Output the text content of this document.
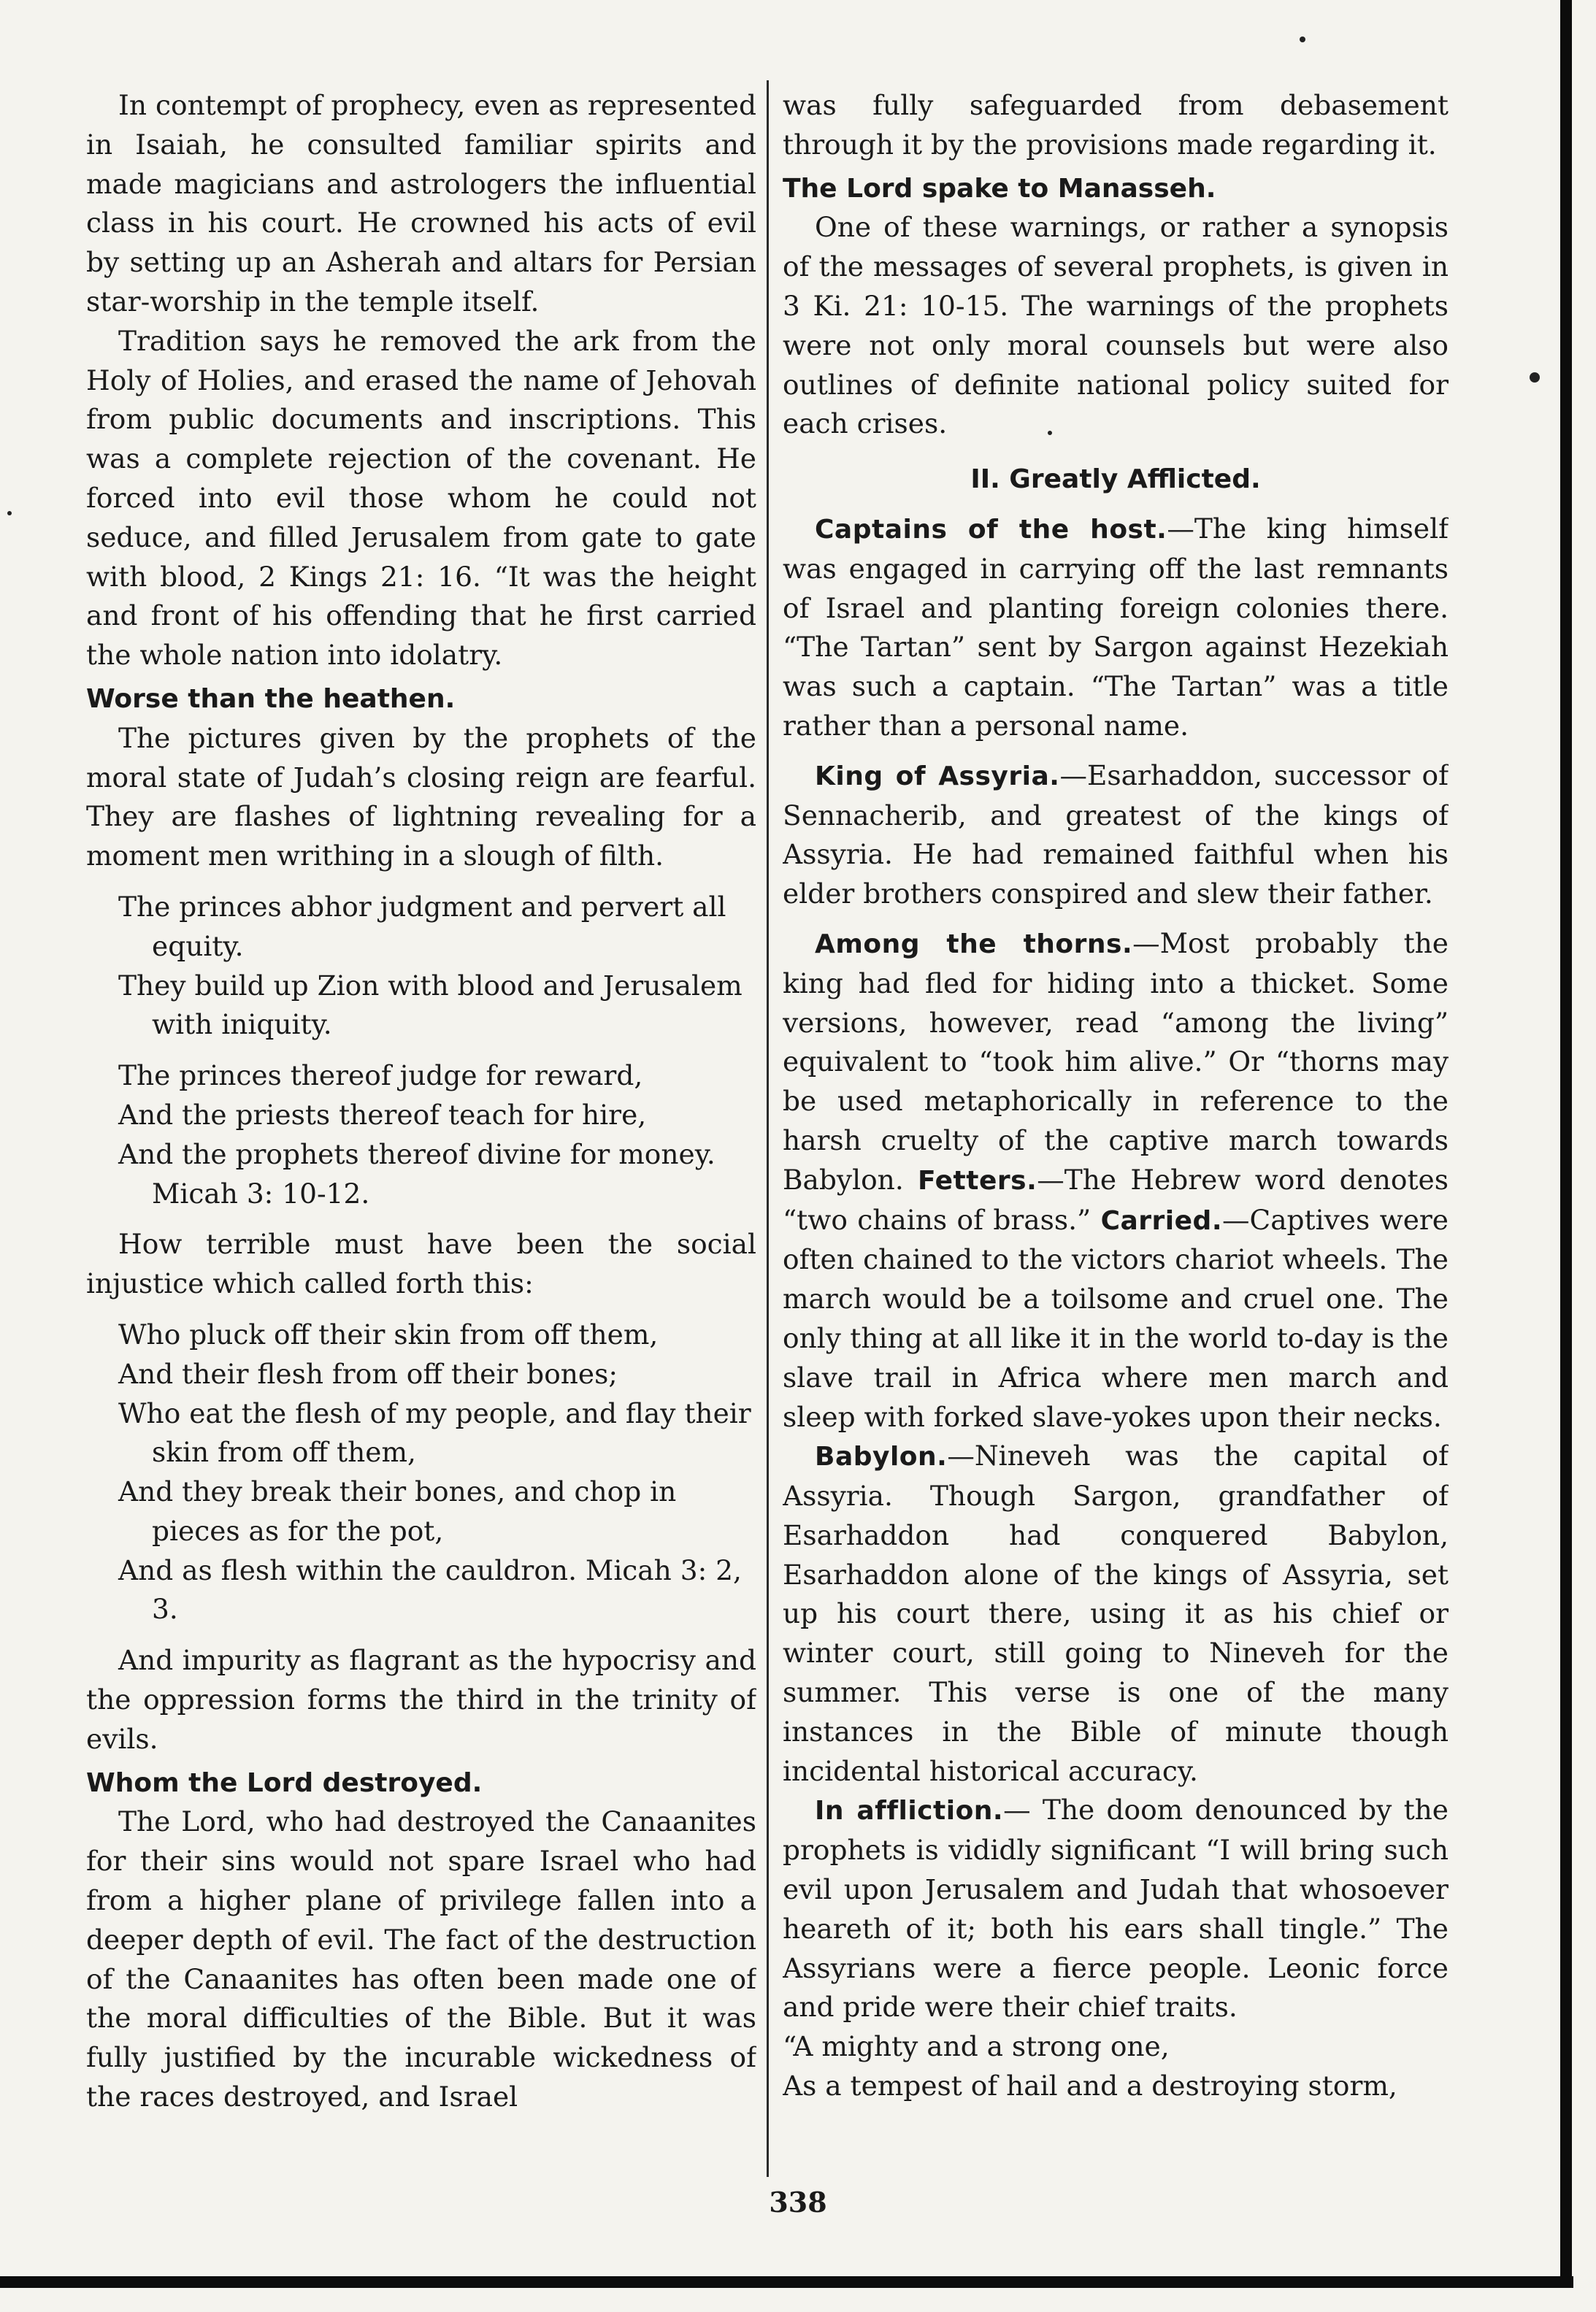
In contempt of prophecy, even as represented in Isaiah, he consulted familiar spirits and made magicians and astrologers the influential class in his court. He crowned his acts of evil by setting up an Asherah and altars for Persian star-worship in the temple itself.

Tradition says he removed the ark from the Holy of Holies, and erased the name of Jehovah from public documents and inscriptions. This was a complete rejection of the covenant. He forced into evil those whom he could not seduce, and filled Jerusalem from gate to gate with blood, 2 Kings 21: 16. “It was the height and front of his offending that he first carried the whole nation into idolatry.

Worse than the heathen.

The pictures given by the prophets of the moral state of Judah’s closing reign are fearful. They are flashes of lightning revealing for a moment men writhing in a slough of filth.

The princes abhor judgment and pervert all equity.
They build up Zion with blood and Jerusalem with iniquity.
The princes thereof judge for reward,
And the priests thereof teach for hire,
And the prophets thereof divine for money. Micah 3: 10-12.

How terrible must have been the social injustice which called forth this:

Who pluck off their skin from off them,
And their flesh from off their bones;
Who eat the flesh of my people, and flay their skin from off them,
And they break their bones, and chop in pieces as for the pot,
And as flesh within the cauldron. Micah 3: 2, 3.

And impurity as flagrant as the hypocrisy and the oppression forms the third in the trinity of evils.

Whom the Lord destroyed.

The Lord, who had destroyed the Canaanites for their sins would not spare Israel who had from a higher plane of privilege fallen into a deeper depth of evil. The fact of the destruction of the Canaanites has often been made one of the moral difficulties of the Bible. But it was fully justified by the incurable wickedness of the races destroyed, and Israel

was fully safeguarded from debasement through it by the provisions made regarding it.

The Lord spake to Manasseh.

One of these warnings, or rather a synopsis of the messages of several prophets, is given in 3 Ki. 21: 10-15. The warnings of the prophets were not only moral counsels but were also outlines of definite national policy suited for each crises.

II. Greatly Afflicted.

Captains of the host.—The king himself was engaged in carrying off the last remnants of Israel and planting foreign colonies there. “The Tartan” sent by Sargon against Hezekiah was such a captain. “The Tartan” was a title rather than a personal name.

King of Assyria.—Esarhaddon, successor of Sennacherib, and greatest of the kings of Assyria. He had remained faithful when his elder brothers conspired and slew their father.

Among the thorns.—Most probably the king had fled for hiding into a thicket. Some versions, however, read “among the living” equivalent to “took him alive.” Or “thorns may be used metaphorically in reference to the harsh cruelty of the captive march towards Babylon. Fetters.—The Hebrew word denotes “two chains of brass.” Carried.—Captives were often chained to the victors chariot wheels. The march would be a toilsome and cruel one. The only thing at all like it in the world to-day is the slave trail in Africa where men march and sleep with forked slave-yokes upon their necks.

Babylon.—Nineveh was the capital of Assyria. Though Sargon, grandfather of Esarhaddon had conquered Babylon, Esarhaddon alone of the kings of Assyria, set up his court there, using it as his chief or winter court, still going to Nineveh for the summer. This verse is one of the many instances in the Bible of minute though incidental historical accuracy.

In affliction.— The doom denounced by the prophets is vididly significant “I will bring such evil upon Jerusalem and Judah that whosoever heareth of it; both his ears shall tingle.” The Assyrians were a fierce people. Leonic force and pride were their chief traits.

“A mighty and a strong one,

As a tempest of hail and a destroying storm,

338
